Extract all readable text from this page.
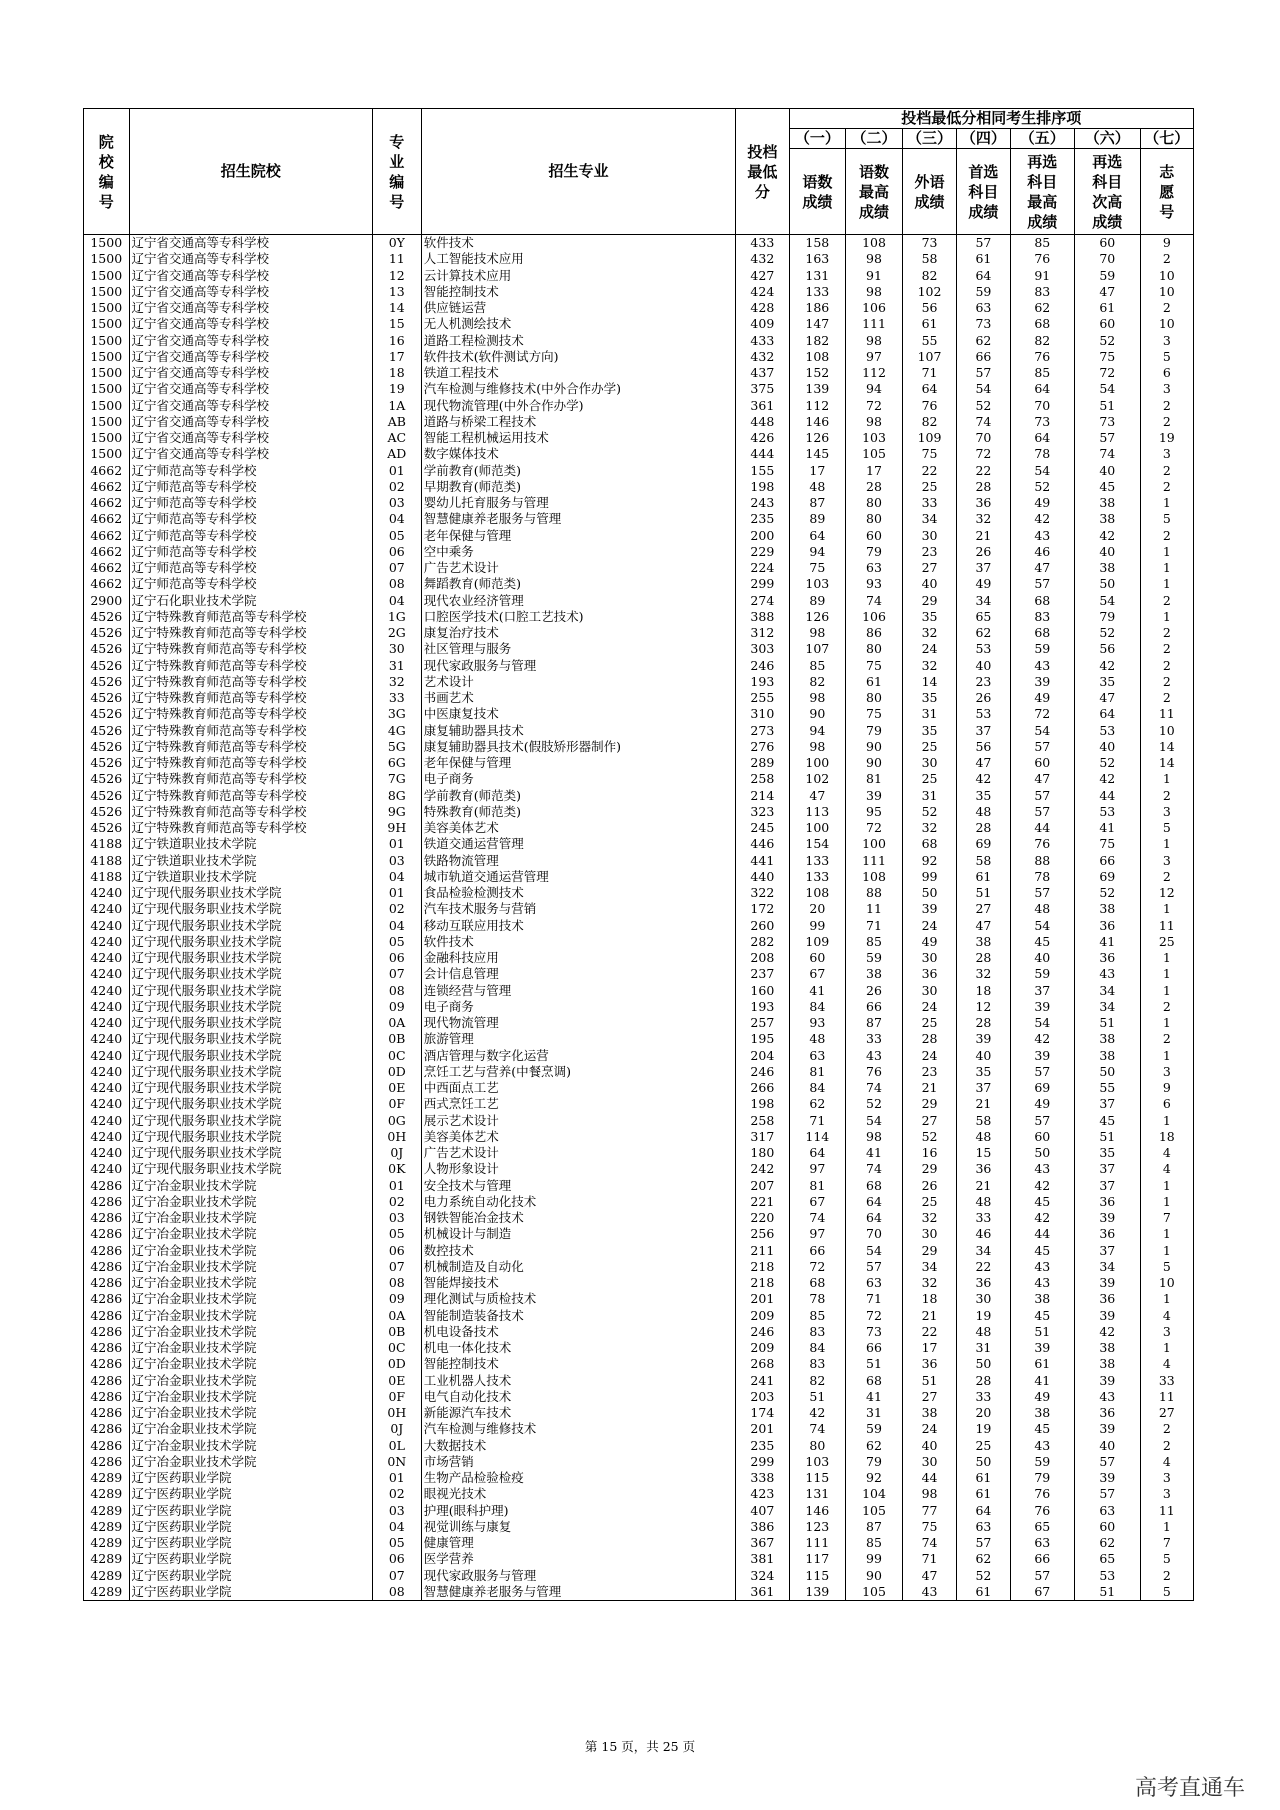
院校编号	招生院校	专业编号	招生专业	投档最低分	投档最低分相同考生排序项						
					（一）	（二）	（三）	（四）	（五）	（六）	（七）
					语数成绩	语数最高成绩	外语成绩	首选科目成绩	再选科目最高成绩	再选科目次高成绩	志愿号
1500	辽宁省交通高等专科学校	0Y	软件技术	433	158	108	73	57	85	60	9
1500	辽宁省交通高等专科学校	11	人工智能技术应用	432	163	98	58	61	76	70	2
1500	辽宁省交通高等专科学校	12	云计算技术应用	427	131	91	82	64	91	59	10
1500	辽宁省交通高等专科学校	13	智能控制技术	424	133	98	102	59	83	47	10
1500	辽宁省交通高等专科学校	14	供应链运营	428	186	106	56	63	62	61	2
1500	辽宁省交通高等专科学校	15	无人机测绘技术	409	147	111	61	73	68	60	10
1500	辽宁省交通高等专科学校	16	道路工程检测技术	433	182	98	55	62	82	52	3
1500	辽宁省交通高等专科学校	17	软件技术(软件测试方向)	432	108	97	107	66	76	75	5
1500	辽宁省交通高等专科学校	18	铁道工程技术	437	152	112	71	57	85	72	6
1500	辽宁省交通高等专科学校	19	汽车检测与维修技术(中外合作办学)	375	139	94	64	54	64	54	3
1500	辽宁省交通高等专科学校	1A	现代物流管理(中外合作办学)	361	112	72	76	52	70	51	2
1500	辽宁省交通高等专科学校	AB	道路与桥梁工程技术	448	146	98	82	74	73	73	2
1500	辽宁省交通高等专科学校	AC	智能工程机械运用技术	426	126	103	109	70	64	57	19
1500	辽宁省交通高等专科学校	AD	数字媒体技术	444	145	105	75	72	78	74	3
4662	辽宁师范高等专科学校	01	学前教育(师范类)	155	17	17	22	22	54	40	2
4662	辽宁师范高等专科学校	02	早期教育(师范类)	198	48	28	25	28	52	45	2
4662	辽宁师范高等专科学校	03	婴幼儿托育服务与管理	243	87	80	33	36	49	38	1
4662	辽宁师范高等专科学校	04	智慧健康养老服务与管理	235	89	80	34	32	42	38	5
4662	辽宁师范高等专科学校	05	老年保健与管理	200	64	60	30	21	43	42	2
4662	辽宁师范高等专科学校	06	空中乘务	229	94	79	23	26	46	40	1
4662	辽宁师范高等专科学校	07	广告艺术设计	224	75	63	27	37	47	38	1
4662	辽宁师范高等专科学校	08	舞蹈教育(师范类)	299	103	93	40	49	57	50	1
2900	辽宁石化职业技术学院	04	现代农业经济管理	274	89	74	29	34	68	54	2
4526	辽宁特殊教育师范高等专科学校	1G	口腔医学技术(口腔工艺技术)	388	126	106	35	65	83	79	1
4526	辽宁特殊教育师范高等专科学校	2G	康复治疗技术	312	98	86	32	62	68	52	2
4526	辽宁特殊教育师范高等专科学校	30	社区管理与服务	303	107	80	24	53	59	56	2
4526	辽宁特殊教育师范高等专科学校	31	现代家政服务与管理	246	85	75	32	40	43	42	2
4526	辽宁特殊教育师范高等专科学校	32	艺术设计	193	82	61	14	23	39	35	2
4526	辽宁特殊教育师范高等专科学校	33	书画艺术	255	98	80	35	26	49	47	2
4526	辽宁特殊教育师范高等专科学校	3G	中医康复技术	310	90	75	31	53	72	64	11
4526	辽宁特殊教育师范高等专科学校	4G	康复辅助器具技术	273	94	79	35	37	54	53	10
4526	辽宁特殊教育师范高等专科学校	5G	康复辅助器具技术(假肢矫形器制作)	276	98	90	25	56	57	40	14
4526	辽宁特殊教育师范高等专科学校	6G	老年保健与管理	289	100	90	30	47	60	52	14
4526	辽宁特殊教育师范高等专科学校	7G	电子商务	258	102	81	25	42	47	42	1
4526	辽宁特殊教育师范高等专科学校	8G	学前教育(师范类)	214	47	39	31	35	57	44	2
4526	辽宁特殊教育师范高等专科学校	9G	特殊教育(师范类)	323	113	95	52	48	57	53	3
4526	辽宁特殊教育师范高等专科学校	9H	美容美体艺术	245	100	72	32	28	44	41	5
4188	辽宁铁道职业技术学院	01	铁道交通运营管理	446	154	100	68	69	76	75	1
4188	辽宁铁道职业技术学院	03	铁路物流管理	441	133	111	92	58	88	66	3
4188	辽宁铁道职业技术学院	04	城市轨道交通运营管理	440	133	108	99	61	78	69	2
4240	辽宁现代服务职业技术学院	01	食品检验检测技术	322	108	88	50	51	57	52	12
4240	辽宁现代服务职业技术学院	02	汽车技术服务与营销	172	20	11	39	27	48	38	1
4240	辽宁现代服务职业技术学院	04	移动互联应用技术	260	99	71	24	47	54	36	11
4240	辽宁现代服务职业技术学院	05	软件技术	282	109	85	49	38	45	41	25
4240	辽宁现代服务职业技术学院	06	金融科技应用	208	60	59	30	28	40	36	1
4240	辽宁现代服务职业技术学院	07	会计信息管理	237	67	38	36	32	59	43	1
4240	辽宁现代服务职业技术学院	08	连锁经营与管理	160	41	26	30	18	37	34	1
4240	辽宁现代服务职业技术学院	09	电子商务	193	84	66	24	12	39	34	2
4240	辽宁现代服务职业技术学院	0A	现代物流管理	257	93	87	25	28	54	51	1
4240	辽宁现代服务职业技术学院	0B	旅游管理	195	48	33	28	39	42	38	2
4240	辽宁现代服务职业技术学院	0C	酒店管理与数字化运营	204	63	43	24	40	39	38	1
4240	辽宁现代服务职业技术学院	0D	烹饪工艺与营养(中餐烹调)	246	81	76	23	35	57	50	3
4240	辽宁现代服务职业技术学院	0E	中西面点工艺	266	84	74	21	37	69	55	9
4240	辽宁现代服务职业技术学院	0F	西式烹饪工艺	198	62	52	29	21	49	37	6
4240	辽宁现代服务职业技术学院	0G	展示艺术设计	258	71	54	27	58	57	45	1
4240	辽宁现代服务职业技术学院	0H	美容美体艺术	317	114	98	52	48	60	51	18
4240	辽宁现代服务职业技术学院	0J	广告艺术设计	180	64	41	16	15	50	35	4
4240	辽宁现代服务职业技术学院	0K	人物形象设计	242	97	74	29	36	43	37	4
4286	辽宁冶金职业技术学院	01	安全技术与管理	207	81	68	26	21	42	37	1
4286	辽宁冶金职业技术学院	02	电力系统自动化技术	221	67	64	25	48	45	36	1
4286	辽宁冶金职业技术学院	03	钢铁智能冶金技术	220	74	64	32	33	42	39	7
4286	辽宁冶金职业技术学院	05	机械设计与制造	256	97	70	30	46	44	36	1
4286	辽宁冶金职业技术学院	06	数控技术	211	66	54	29	34	45	37	1
4286	辽宁冶金职业技术学院	07	机械制造及自动化	218	72	57	34	22	43	34	5
4286	辽宁冶金职业技术学院	08	智能焊接技术	218	68	63	32	36	43	39	10
4286	辽宁冶金职业技术学院	09	理化测试与质检技术	201	78	71	18	30	38	36	1
4286	辽宁冶金职业技术学院	0A	智能制造装备技术	209	85	72	21	19	45	39	4
4286	辽宁冶金职业技术学院	0B	机电设备技术	246	83	73	22	48	51	42	3
4286	辽宁冶金职业技术学院	0C	机电一体化技术	209	84	66	17	31	39	38	1
4286	辽宁冶金职业技术学院	0D	智能控制技术	268	83	51	36	50	61	38	4
4286	辽宁冶金职业技术学院	0E	工业机器人技术	241	82	68	51	28	41	39	33
4286	辽宁冶金职业技术学院	0F	电气自动化技术	203	51	41	27	33	49	43	11
4286	辽宁冶金职业技术学院	0H	新能源汽车技术	174	42	31	38	20	38	36	27
4286	辽宁冶金职业技术学院	0J	汽车检测与维修技术	201	74	59	24	19	45	39	2
4286	辽宁冶金职业技术学院	0L	大数据技术	235	80	62	40	25	43	40	2
4286	辽宁冶金职业技术学院	0N	市场营销	299	103	79	30	50	59	57	4
4289	辽宁医药职业学院	01	生物产品检验检疫	338	115	92	44	61	79	39	3
4289	辽宁医药职业学院	02	眼视光技术	423	131	104	98	61	76	57	3
4289	辽宁医药职业学院	03	护理(眼科护理)	407	146	105	77	64	76	63	11
4289	辽宁医药职业学院	04	视觉训练与康复	386	123	87	75	63	65	60	1
4289	辽宁医药职业学院	05	健康管理	367	111	85	74	57	63	62	7
4289	辽宁医药职业学院	06	医学营养	381	117	99	71	62	66	65	5
4289	辽宁医药职业学院	07	现代家政服务与管理	324	115	90	47	52	57	53	2
4289	辽宁医药职业学院	08	智慧健康养老服务与管理	361	139	105	43	61	67	51	5
第 15 页，共 25 页
高考直通车
